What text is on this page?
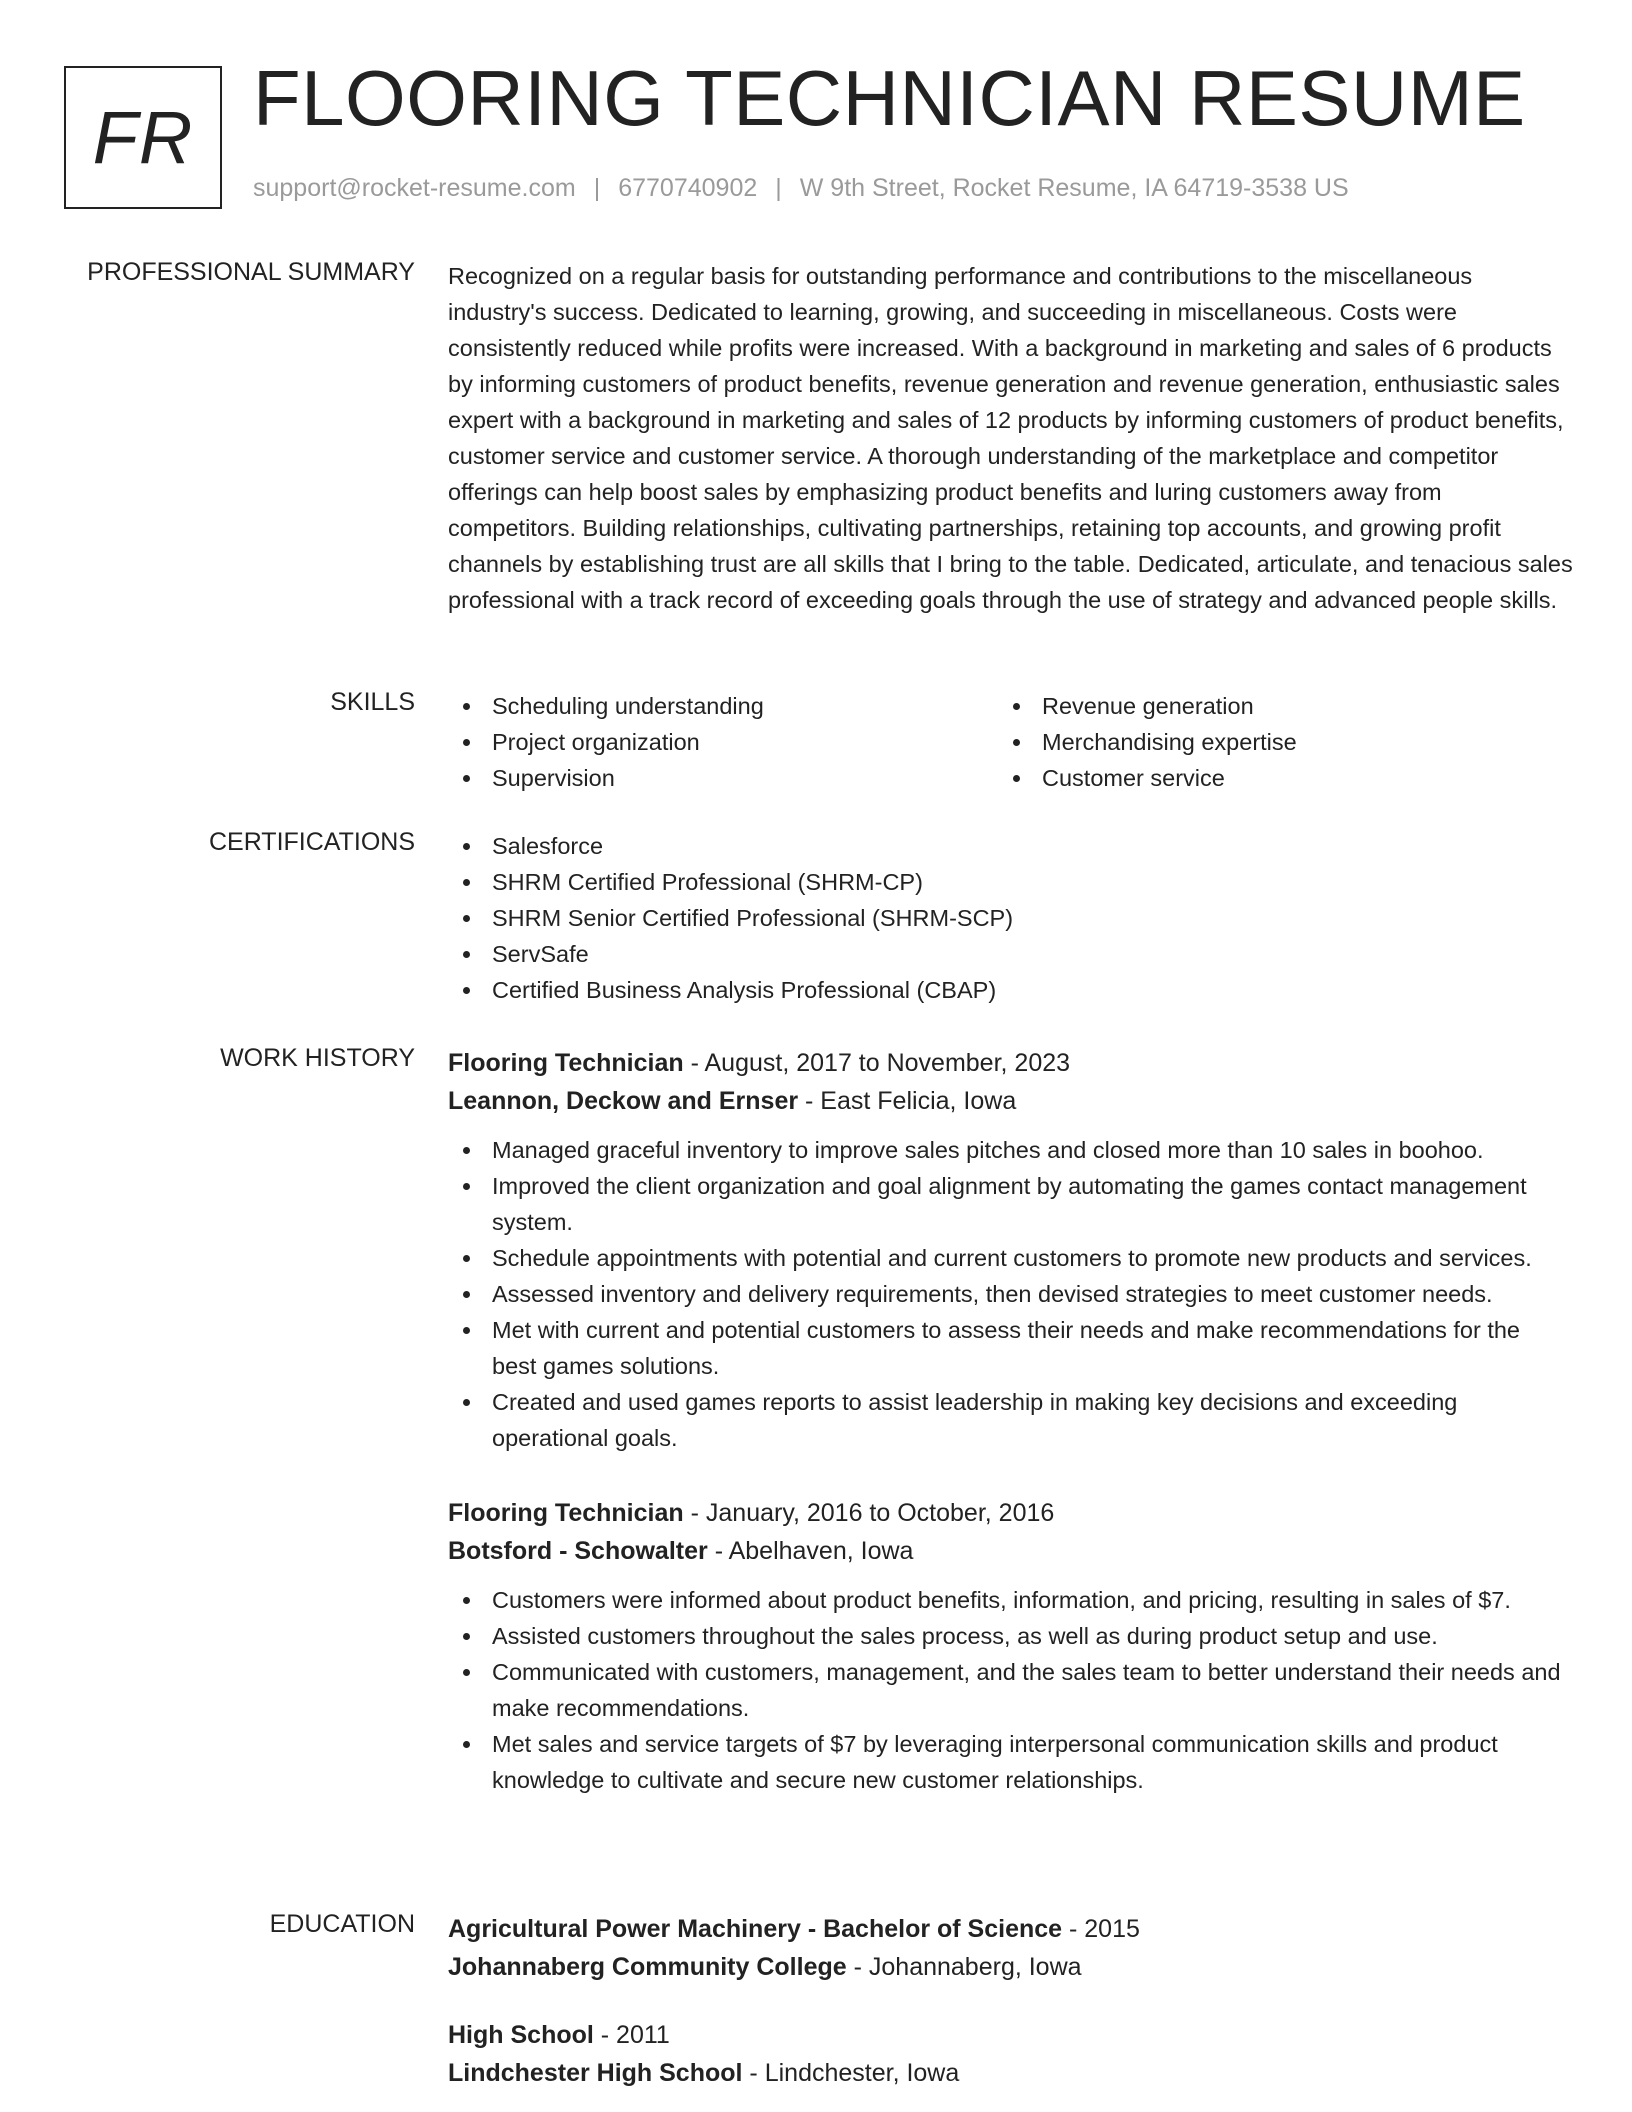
FR FLOORING TECHNICIAN RESUME
support@rocket-resume.com | 6770740902 | W 9th Street, Rocket Resume, IA 64719-3538 US
PROFESSIONAL SUMMARY Recognized on a regular basis for outstanding performance and contributions to the miscellaneous industry's success. Dedicated to learning, growing, and succeeding in miscellaneous. Costs were consistently reduced while profits were increased. With a background in marketing and sales of 6 products by informing customers of product benefits, revenue generation and revenue generation, enthusiastic sales expert with a background in marketing and sales of 12 products by informing customers of product benefits, customer service and customer service. A thorough understanding of the marketplace and competitor offerings can help boost sales by emphasizing product benefits and luring customers away from competitors. Building relationships, cultivating partnerships, retaining top accounts, and growing profit channels by establishing trust are all skills that I bring to the table. Dedicated, articulate, and tenacious sales professional with a track record of exceeding goals through the use of strategy and advanced people skills.

SKILLS	Scheduling understanding
Project organization
Supervision
Revenue generation
Merchandising expertise
Customer service
CERTIFICATIONS	Salesforce
SHRM Certified Professional (SHRM-CP)
SHRM Senior Certified Professional (SHRM-SCP)
ServSafe
Certified Business Analysis Professional (CBAP)
WORK HISTORY Flooring Technician - August, 2017 to November, 2023
Leannon, Deckow and Ernser - East Felicia, Iowa
Managed graceful inventory to improve sales pitches and closed more than 10 sales in boohoo.
Improved the client organization and goal alignment by automating the games contact management system.
Schedule appointments with potential and current customers to promote new products and services.
Assessed inventory and delivery requirements, then devised strategies to meet customer needs.
Met with current and potential customers to assess their needs and make recommendations for the best games solutions.
Created and used games reports to assist leadership in making key decisions and exceeding operational goals.
Flooring Technician - January, 2016 to October, 2016
Botsford - Schowalter - Abelhaven, Iowa
Customers were informed about product benefits, information, and pricing, resulting in sales of $7.
Assisted customers throughout the sales process, as well as during product setup and use.
Communicated with customers, management, and the sales team to better understand their needs and make recommendations.
Met sales and service targets of $7 by leveraging interpersonal communication skills and product knowledge to cultivate and secure new customer relationships.
EDUCATION Agricultural Power Machinery - Bachelor of Science - 2015
Johannaberg Community College - Johannaberg, Iowa
High School - 2011
Lindchester High School - Lindchester, Iowa
